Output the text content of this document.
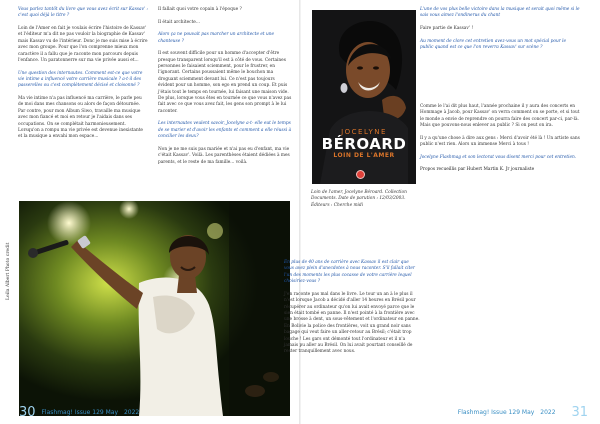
Vous parlez tantôt du livre que vous avez écrit sur Kassav' : c'est quoi déjà le titre ?

Loin de l'Amer en fait je voulais écrire l'histoire de Kassav' et l'éditeur m'a dit ne pas vouloir la biographie de Kassav' mais Kassav vu de l'intérieur. Donc je me suis mise à écrire avec mon groupe. Pour que l'on comprenne mieux mon caractère il a fallu que je raconte mon parcours depuis l'enfance. Un paratonnerre sur ma vie privée aussi et...

Une question des internautes. Comment est-ce que votre vie intime a influencé votre carrière musicale ? a-t-il des passerelles ou c'est complètement décisé et cloisonné ?

Ma vie intime n'a pas influencé ma carrière, le parle peu de moi dans mes chansons ou alors de façon détournée. Par contre, pour mon Album Siwo, travaille ma musique avec mon fiancé et moi en retour je l'aidais dans ses occupations. On se complétait harmonieusement. Lorsqu'on a rompu ma vie privée est devenue inexistante et la musique a envahi mon espace...

Il fallait quoi votre copain à l'époque ?

Il était architecte...

Alors ça ne pouvait pas marcher un architecte et une chanteuse ?

Il est souvent difficile pour un homme d'accepter d'être presque transparent lorsqu'il est à côté de vous. Certaines personnes le faisaient sciemment, pour le frustrer, en l'ignorant. Certains poussaient même le bouchon ma droguant sciemment devant lui. Ce n'est pas toujours évident pour un homme, son ego en prend un coup. Et puis j'étais tout le temps en tournée, lui faisant une maison vide. De plus, lorsque vous êtes en tournée ce que vous n'avez pas fait avec ce que vous avez fait, les gens son prompt à le lui raconter.

Les internautes veulent savoir, Jocelyne a-t- elle eut le temps de se marier et d'avoir les enfants et comment a elle réussi à concilier les deux?

Non je ne me suis pas mariée et n'ai pas eu d'enfant, ma vie c'était Kassav'. Voilà. Les parenthèses étaient dédiées à mes parents, et le reste de ma famille... voilà.

Leila Albert Photo credit
JOCELYNE
BÉROARD
LOIN DE L'AMER

Loin de l'amer, Jocelyne Béroard. Collection Documents. Date de parution : 12/03/2003. Éditeurs : Cherche midi

En plus de 40 ans de carrière avec Kassav il est clair que vous avez plein d'anecdotes à nous raconter. S'il fallait citer l'un des moments les plus cocasse de votre carrière lequel choisiriez-vous ?

J'en raconte pas mal dans le livre. Le tour un an à le plus il n'est lorsque Jacob a décidé d'aller 14 heures en Brésil pour récupérer au ordinateur qu'on lui avait envoyé parce que le sien était tombé en panne. Il n'est pointé à la frontière avec une brosse à dent, un sous-vêtement et l'ordinateur en panne. En Bolivie la police des frontières, voit un grand noir sans bagage qui veut faire un aller-retour au Brésil; c'était trop louche ! Les gars ont démonté tout l'ordinateur et il n'a jamais pu aller au Brésil. On lui avait pourtant conseillé de rester tranquillement avec nous.

L'une de vos plus belle victoire dans la musique et serait quoi même si le sais vous aimez l'ondinerus du chant

Faire partie de Kassav' !

Au moment de clore cet entretien avez-vous un mot spécial pour le public quand est ce que l'on reverra Kassav' sur scène ?

Comme le l'ai dit plus haut, l'année prochaine il y aura des concerts en Hommage à Jacob, pour Kassav' on verra comment on se porte, et si tout le monde a envie de reprendre on pourra faire des concert par-ci, par-là. Mais que pouvons-nous enlever au public ? Si on peut on ira.

Il y a qu'une chose à dire aux gens : Merci d'avoir été là ! Un artiste sans public n'est rien. Alors un immense Merci à tous !

Jocelyne Flashmag et son lectorat vous disent merci pour cet entretien.

Propos recueillis par Hubert Martin K. Jr journaliste

30 Flashmag! Issue 129 May 2022	Flashmag! Issue 129 May 2022 31
